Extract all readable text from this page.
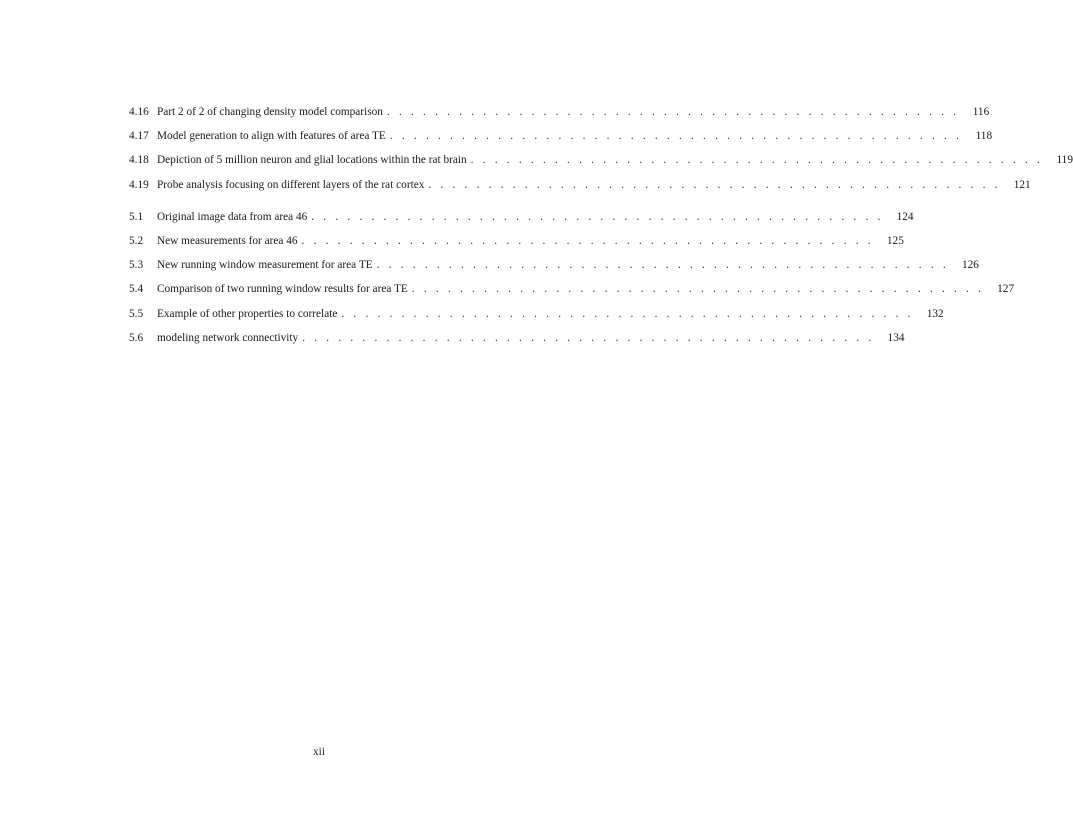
4.16 Part 2 of 2 of changing density model comparison . . . . . . . . . . . . . . . . . . . . . . . . . . . . . . . . . . . . . . . . . . . . . . . .	116
4.17 Model generation to align with features of area TE . . . . . . . . . . . . . . . . . . . . . . . . . . . . . . . . . . . . . . . . . . . . . . . .	118
4.18 Depiction of 5 million neuron and glial locations within the rat brain . . . . . . . . . . . . . . . . . . . . . . . . . . . . . . . . . . . . . . . . . . . . . . . .	119
4.19 Probe analysis focusing on different layers of the rat cortex . . . . . . . . . . . . . . . . . . . . . . . . . . . . . . . . . . . . . . . . . . . . . . . .	121
5.1	Original image data from area 46 . . . . . . . . . . . . . . . . . . . . . . . . . . . . . . . . . . . . . . . . . . . . . . . .	124
5.2	New measurements for area 46 . . . . . . . . . . . . . . . . . . . . . . . . . . . . . . . . . . . . . . . . . . . . . . . .	125
5.3	New running window measurement for area TE . . . . . . . . . . . . . . . . . . . . . . . . . . . . . . . . . . . . . . . . . . . . . . . .	126
5.4	Comparison of two running window results for area TE . . . . . . . . . . . . . . . . . . . . . . . . . . . . . . . . . . . . . . . . . . . . . . . .	127
5.5	Example of other properties to correlate . . . . . . . . . . . . . . . . . . . . . . . . . . . . . . . . . . . . . . . . . . . . . . . .	132
5.6	modeling network connectivity . . . . . . . . . . . . . . . . . . . . . . . . . . . . . . . . . . . . . . . . . . . . . . . .	134
xii
